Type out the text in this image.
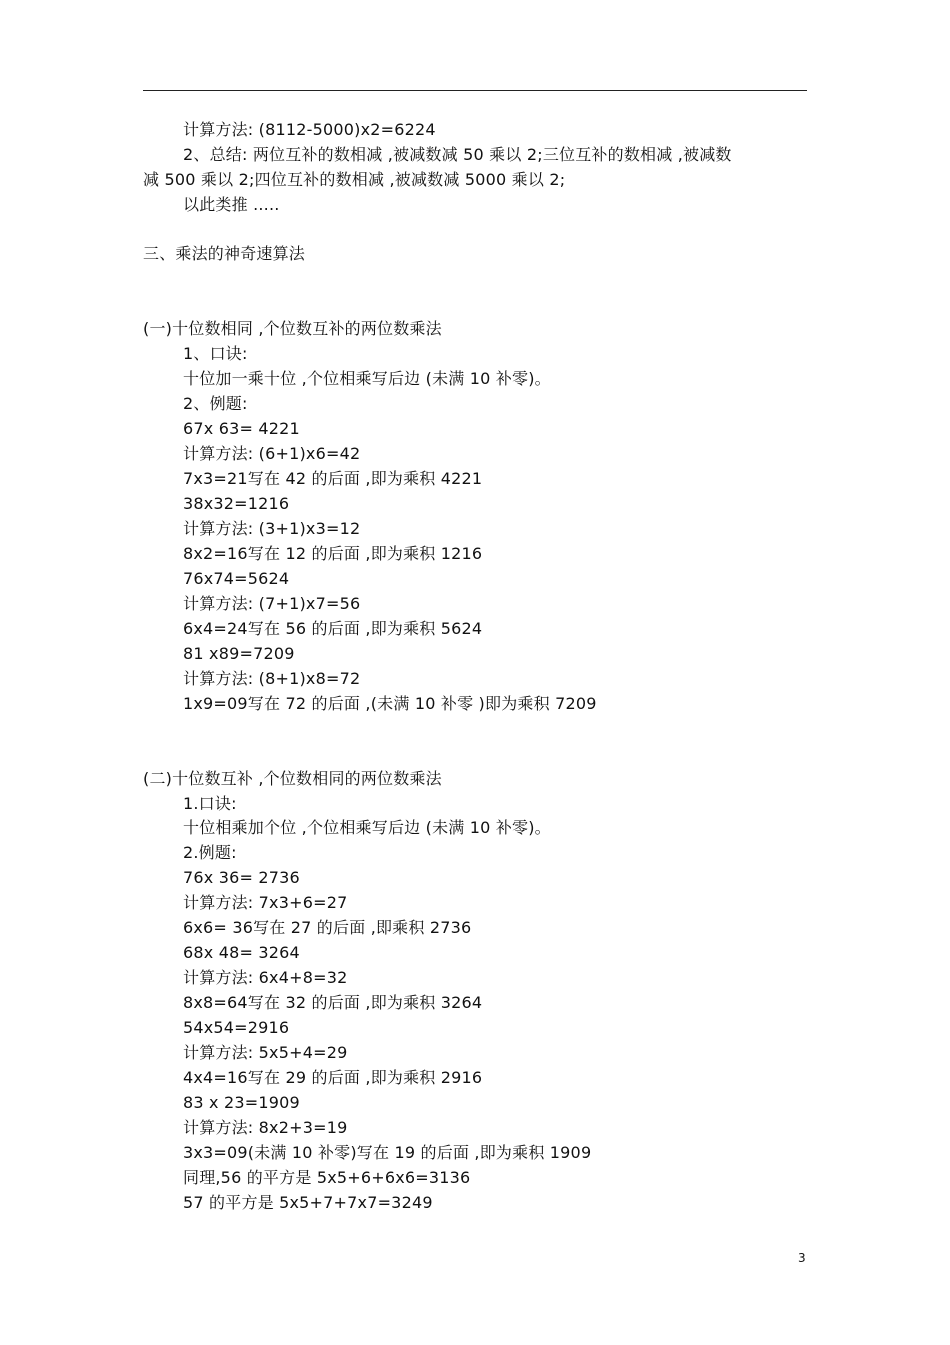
计算方法: (8112-5000)x2=6224
2、总结: 两位互补的数相减 ,被减数减 50 乘以 2;三位互补的数相减 ,被减数
减 500 乘以 2;四位互补的数相减 ,被减数减 5000 乘以 2;
以此类推 .....
三、乘法的神奇速算法
(一)十位数相同 ,个位数互补的两位数乘法
1、口诀:
十位加一乘十位 ,个位相乘写后边 (未满 10 补零)。
2、例题:
67x 63= 4221
计算方法: (6+1)x6=42
7x3=21写在 42 的后面 ,即为乘积 4221
38x32=1216
计算方法: (3+1)x3=12
8x2=16写在 12 的后面 ,即为乘积 1216
76x74=5624
计算方法: (7+1)x7=56
6x4=24写在 56 的后面 ,即为乘积 5624
81 x89=7209
计算方法: (8+1)x8=72
1x9=09写在 72 的后面 ,(未满 10 补零 )即为乘积 7209
(二)十位数互补 ,个位数相同的两位数乘法
1.口诀:
十位相乘加个位 ,个位相乘写后边 (未满 10 补零)。
2.例题:
76x 36= 2736
计算方法: 7x3+6=27
6x6= 36写在 27 的后面 ,即乘积 2736
68x 48= 3264
计算方法: 6x4+8=32
8x8=64写在 32 的后面 ,即为乘积 3264
54x54=2916
计算方法: 5x5+4=29
4x4=16写在 29 的后面 ,即为乘积 2916
83 x 23=1909
计算方法: 8x2+3=19
3x3=09(未满 10 补零)写在 19 的后面 ,即为乘积 1909
同理,56 的平方是 5x5+6+6x6=3136
57 的平方是 5x5+7+7x7=3249
3
